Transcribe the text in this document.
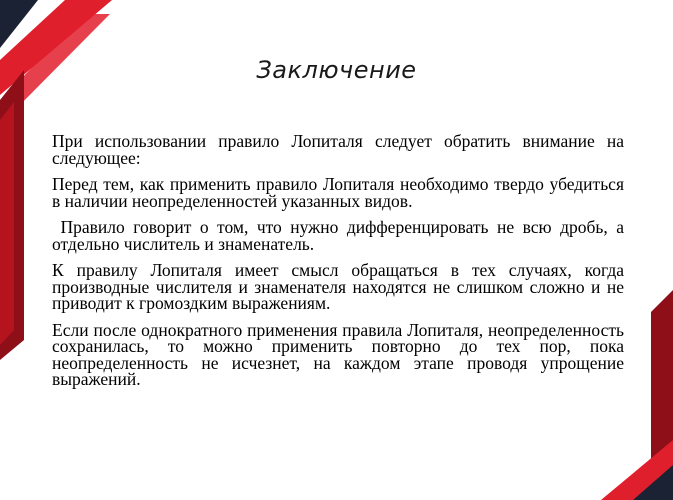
Заключение

При использовании правило Лопиталя следует обратить внимание на следующее:

Перед тем, как применить правило Лопиталя необходимо твердо убедиться в наличии неопределенностей указанных видов.

Правило говорит о том, что нужно дифференцировать не всю дробь, а отдельно числитель и знаменатель.

К правилу Лопиталя имеет смысл обращаться в тех случаях, когда производные числителя и знаменателя находятся не слишком сложно и не приводит к громоздким выражениям.

Если после однократного применения правила Лопиталя, неопределенность сохранилась, то можно применить повторно до тех пор, пока неопределенность не исчезнет, на каждом этапе проводя упрощение выражений.
